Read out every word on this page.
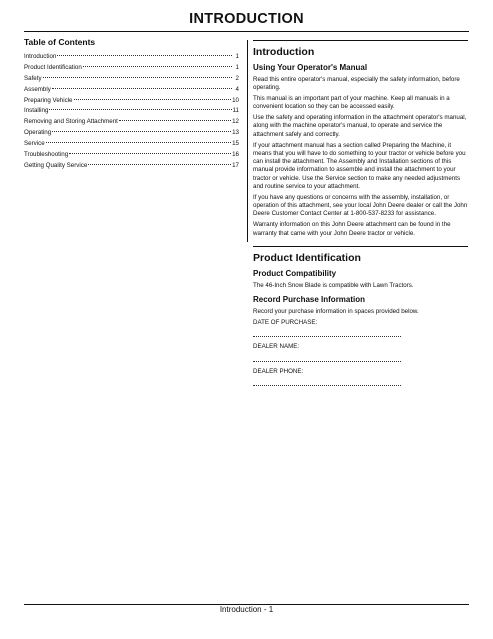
INTRODUCTION
Table of Contents
Introduction	1
Product Identification	1
Safety	2
Assembly	4
Preparing Vehicle	10
Installing	11
Removing and Storing Attachment	12
Operating	13
Service	15
Troubleshooting	16
Getting Quality Service	17
Introduction
Using Your Operator's Manual

Read this entire operator's manual, especially the safety information, before operating.

This manual is an important part of your machine. Keep all manuals in a convenient location so they can be accessed easily.

Use the safety and operating information in the attachment operator's manual, along with the machine operator's manual, to operate and service the attachment safely and correctly.

If your attachment manual has a section called Preparing the Machine, it means that you will have to do something to your tractor or vehicle before you can install the attachment. The Assembly and Installation sections of this manual provide information to assemble and install the attachment to your tractor or vehicle. Use the Service section to make any needed adjustments and routine service to your attachment.

If you have any questions or concerns with the assembly, installation, or operation of this attachment, see your local John Deere dealer or call the John Deere Customer Contact Center at 1-800-537-8233 for assistance.

Warranty information on this John Deere attachment can be found in the warranty that came with your John Deere tractor or vehicle.

Product Identification
Product Compatibility

The 46-Inch Snow Blade is compatible with Lawn Tractors.

Record Purchase Information

Record your purchase information in spaces provided below.

DATE OF PURCHASE:

DEALER NAME:

DEALER PHONE:

Introduction - 1
